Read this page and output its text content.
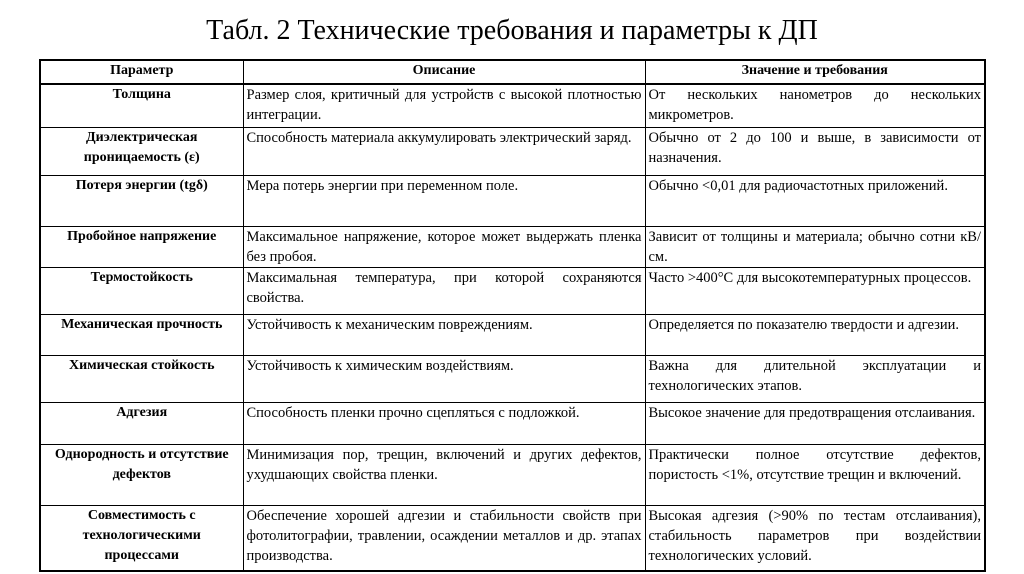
Табл. 2 Технические требования и параметры к ДП
Параметр	Описание	Значение и требования
Толщина	Размер слоя, критичный для устройств с высокой плотностью интеграции.	От нескольких нанометров до нескольких микрометров.
Диэлектрическая проницаемость (ε)	Способность материала аккумулировать электрический заряд.	Обычно от 2 до 100 и выше, в зависимости от назначения.
Потеря энергии (tgδ)	Мера потерь энергии при переменном поле.	Обычно <0,01 для радиочастотных приложений.
Пробойное напряжение	Максимальное напряжение, которое может выдержать пленка без пробоя.	Зависит от толщины и материала; обычно сотни кВ/см.
Термостойкость	Максимальная температура, при которой сохраняются свойства.	Часто >400°С для высокотемпературных процессов.
Механическая прочность	Устойчивость к механическим повреждениям.	Определяется по показателю твердости и адгезии.
Химическая стойкость	Устойчивость к химическим воздействиям.	Важна для длительной эксплуатации и технологических этапов.
Адгезия	Способность пленки прочно сцепляться с подложкой.	Высокое значение для предотвращения отслаивания.
Однородность и отсутствие дефектов	Минимизация пор, трещин, включений и других дефектов, ухудшающих свойства пленки.	Практически полное отсутствие дефектов, пористость <1%, отсутствие трещин и включений.
Совместимость с технологическими процессами	Обеспечение хорошей адгезии и стабильности свойств при фотолитографии, травлении, осаждении металлов и др. этапах производства.	Высокая адгезия (>90% по тестам отслаивания), стабильность параметров при воздействии технологических условий.
